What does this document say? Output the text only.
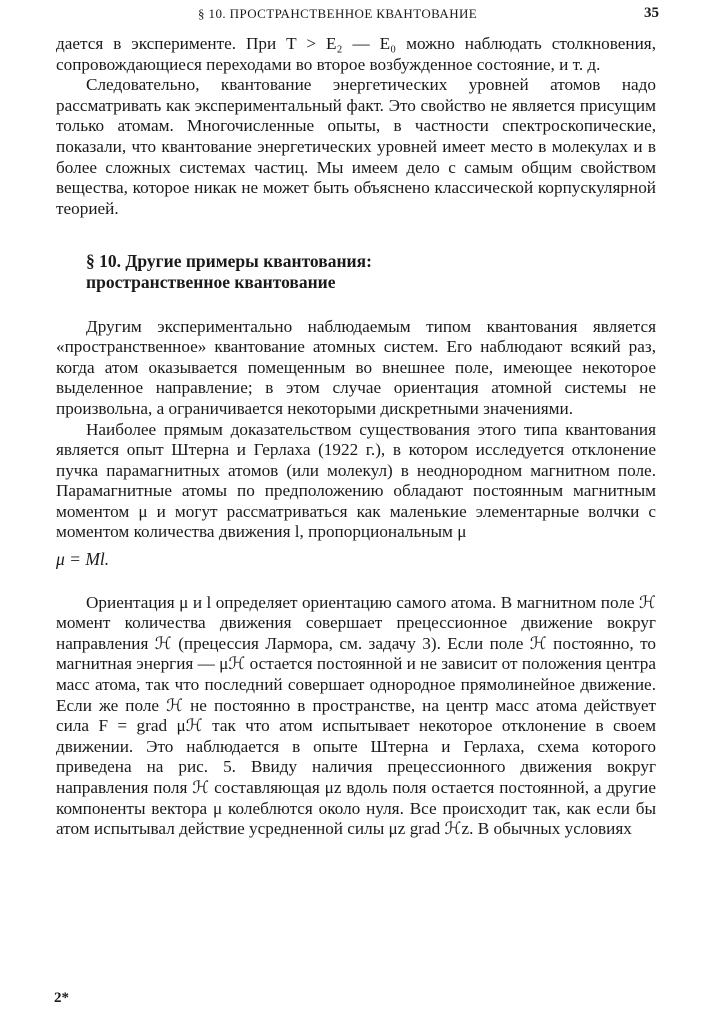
§ 10. ПРОСТРАНСТВЕННОЕ КВАНТОВАНИЕ	35

дается в эксперименте. При T > E₂ — E₀ можно наблюдать столкновения, сопровождающиеся переходами во второе возбужденное состояние, и т. д.

Следовательно, квантование энергетических уровней атомов надо рассматривать как экспериментальный факт. Это свойство не является присущим только атомам. Многочисленные опыты, в частности спектроскопические, показали, что квантование энергетических уровней имеет место в молекулах и в более сложных системах частиц. Мы имеем дело с самым общим свойством вещества, которое никак не может быть объяснено классической корпускулярной теорией.

§ 10. Другие примеры квантования:
пространственное квантование

Другим экспериментально наблюдаемым типом квантования является «пространственное» квантование атомных систем. Его наблюдают всякий раз, когда атом оказывается помещенным во внешнее поле, имеющее некоторое выделенное направление; в этом случае ориентация атомной системы не произвольна, а ограничивается некоторыми дискретными значениями.

Наиболее прямым доказательством существования этого типа квантования является опыт Штерна и Герлаха (1922 г.), в котором исследуется отклонение пучка парамагнитных атомов (или молекул) в неоднородном магнитном поле. Парамагнитные атомы по предположению обладают постоянным магнитным моментом μ и могут рассматриваться как маленькие элементарные волчки с моментом количества движения l, пропорциональным μ

μ = Ml.

Ориентация μ и l определяет ориентацию самого атома. В магнитном поле ℋ момент количества движения совершает прецессионное движение вокруг направления ℋ (прецессия Лармора, см. задачу 3). Если поле ℋ постоянно, то магнитная энергия — μℋ остается постоянной и не зависит от положения центра масс атома, так что последний совершает однородное прямолинейное движение. Если же поле ℋ не постоянно в пространстве, на центр масс атома действует сила F = grad μℋ так что атом испытывает некоторое отклонение в своем движении. Это наблюдается в опыте Штерна и Герлаха, схема которого приведена на рис. 5. Ввиду наличия прецессионного движения вокруг направления поля ℋ составляющая μz вдоль поля остается постоянной, а другие компоненты вектора μ колеблются около нуля. Все происходит так, как если бы атом испытывал действие усредненной силы μz grad ℋz. В обычных условиях

2*
